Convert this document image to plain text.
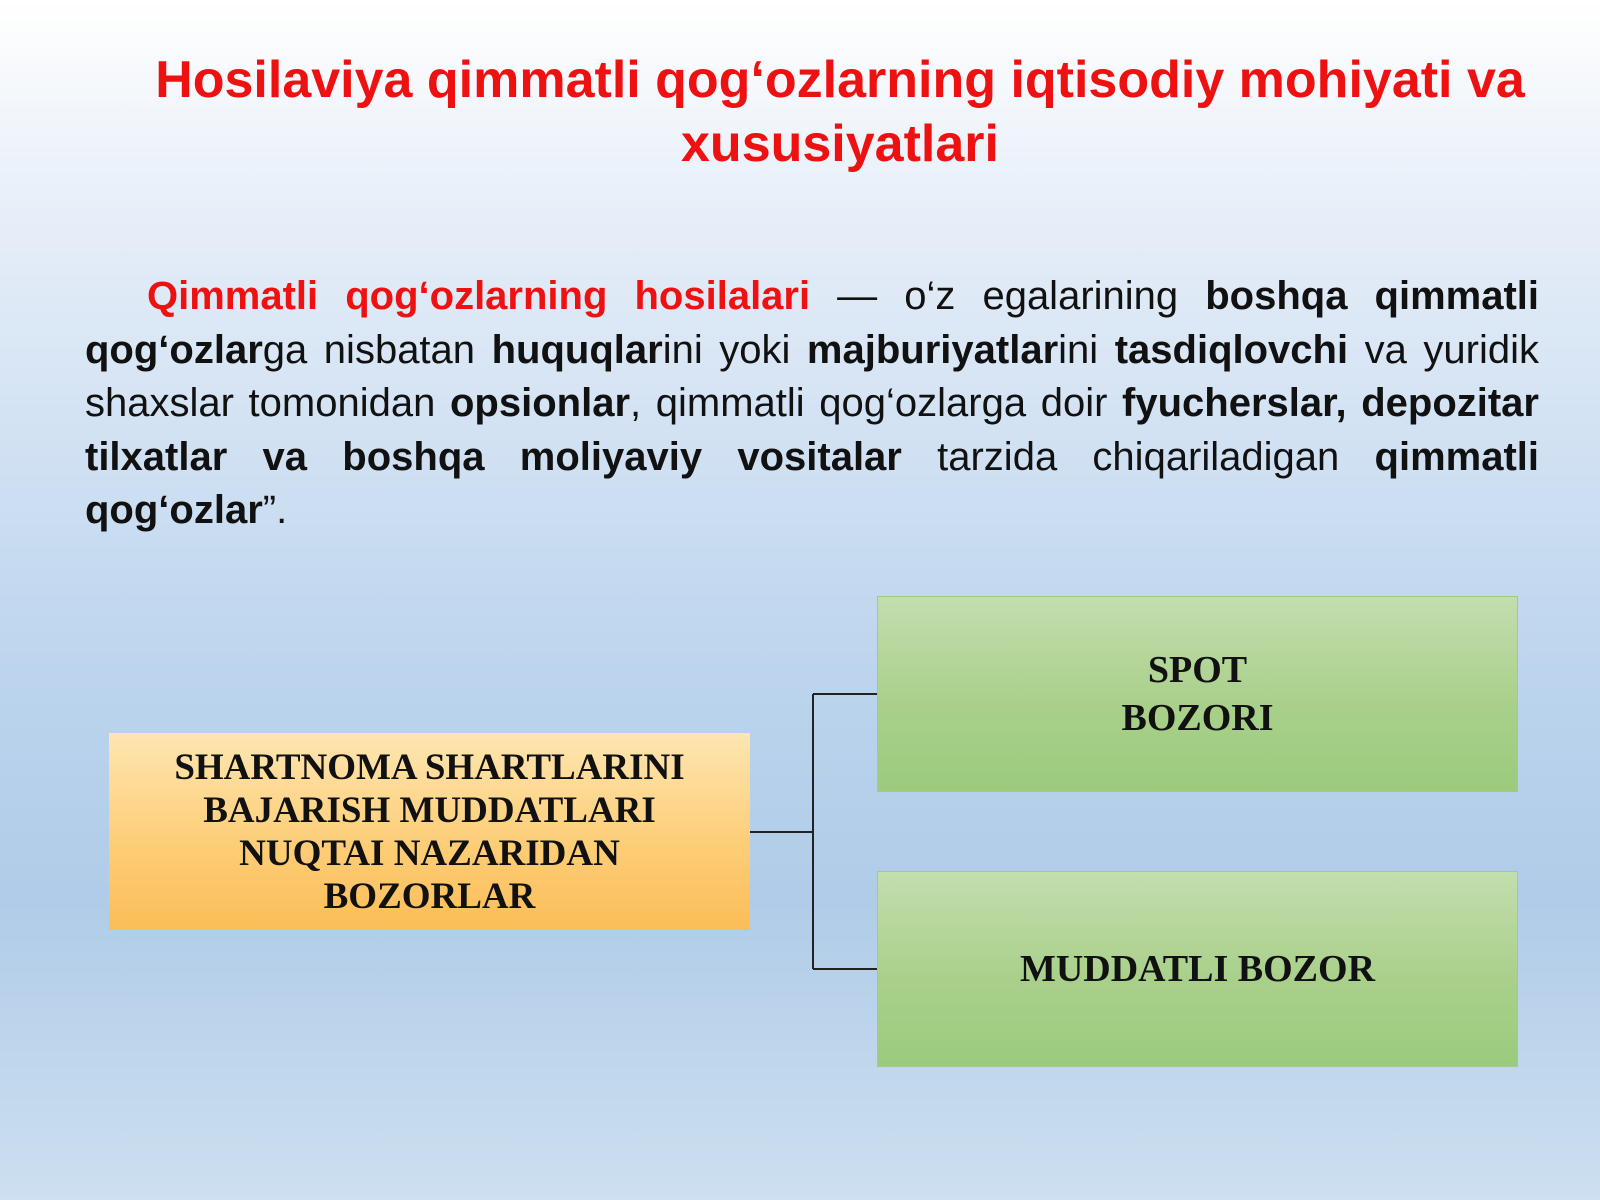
Hosilaviya qimmatli qog‘ozlarning iqtisodiy mohiyati va xususiyatlari

Qimmatli qog‘ozlarning hosilalari — o‘z egalarining boshqa qimmatli qog‘ozlarga nisbatan huquqlarini yoki majburiyatlarini tasdiqlovchi va yuridik shaxslar tomonidan opsionlar, qimmatli qog‘ozlarga doir fyucherslar, depozitar tilxatlar va boshqa moliyaviy vositalar tarzida chiqariladigan qimmatli qog‘ozlar”.

SHARTNOMA SHARTLARINI BAJARISH MUDDATLARI NUQTAI NAZARIDAN BOZORLAR
SPOT
BOZORI
MUDDATLI BOZOR
